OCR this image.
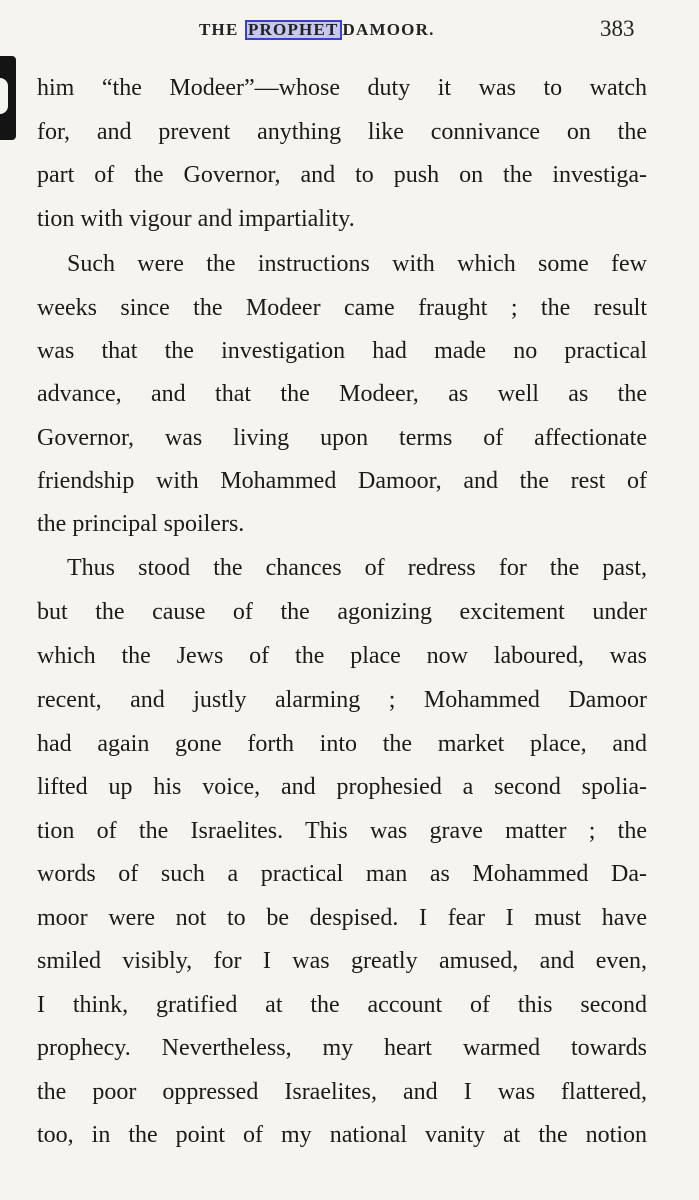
THE PROPHET DAMOOR.	383
him “the Modeer”—whose duty it was to watch
for, and prevent anything like connivance on the
part of the Governor, and to push on the investiga-
tion with vigour and impartiality.
Such were the instructions with which some few
weeks since the Modeer came fraught ; the result
was that the investigation had made no practical
advance, and that the Modeer, as well as the
Governor, was living upon terms of affectionate
friendship with Mohammed Damoor, and the rest of
the principal spoilers.
Thus stood the chances of redress for the past,
but the cause of the agonizing excitement under
which the Jews of the place now laboured, was
recent, and justly alarming ; Mohammed Damoor
had again gone forth into the market place, and
lifted up his voice, and prophesied a second spolia-
tion of the Israelites. This was grave matter ; the
words of such a practical man as Mohammed Da-
moor were not to be despised. I fear I must have
smiled visibly, for I was greatly amused, and even,
I think, gratified at the account of this second
prophecy. Nevertheless, my heart warmed towards
the poor oppressed Israelites, and I was flattered,
too, in the point of my national vanity at the notion
